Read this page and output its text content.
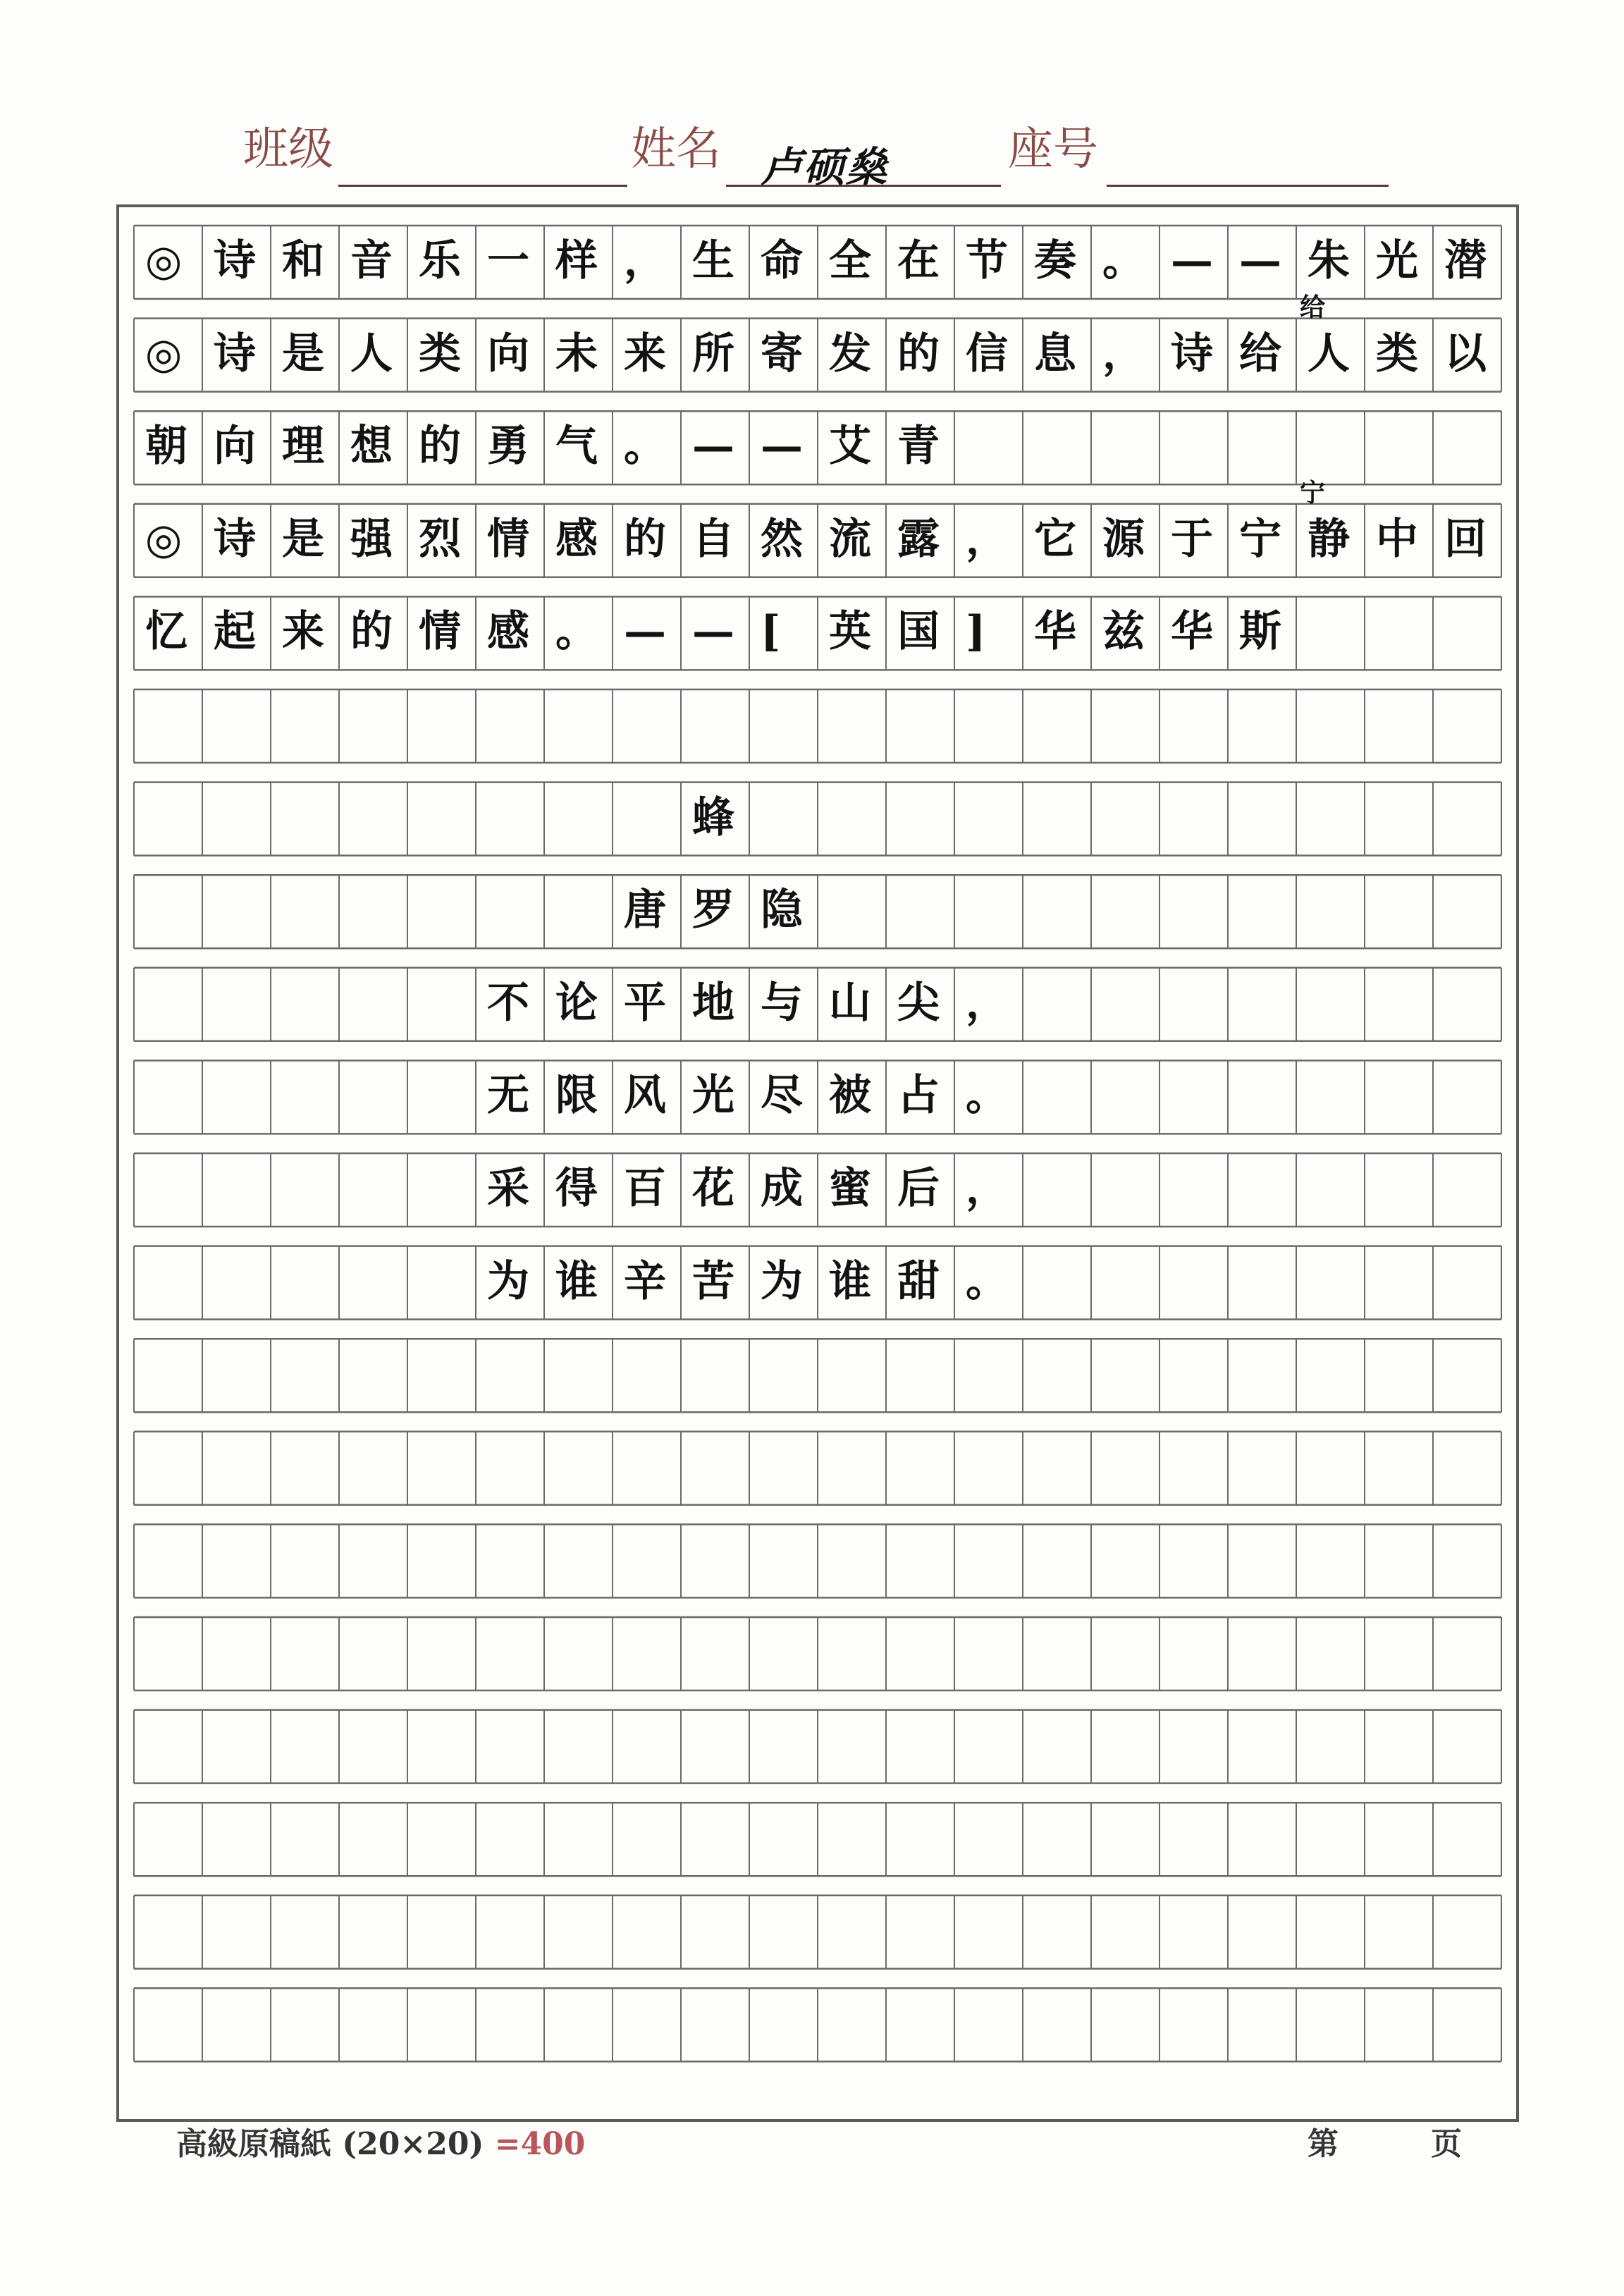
班级	姓名 卢硕燊	座号
◎ 诗 和 音 乐 一 样 ， 生 命 全 在 节 奏 。 — — 朱 光 潜
◎ 诗 是 人 类 向 未 来 所 寄 发 的 信 息 ， 诗 给 人 类 以
给
朝 向 理 想 的 勇 气 。 — — 艾 青
◎ 诗 是 强 烈 情 感 的 自 然 流 露 ， 它 源 于 宁 静 中 回
宁
忆 起 来 的 情 感 。 — — [ 英 国 ] 华 兹 华 斯
蜂
唐 罗 隐
不 论 平 地 与 山 尖 ，
无 限 风 光 尽 被 占 。
采 得 百 花 成 蜜 后 ，
为 谁 辛 苦 为 谁 甜 。
高級原稿紙 (20×20) =400	第	页
